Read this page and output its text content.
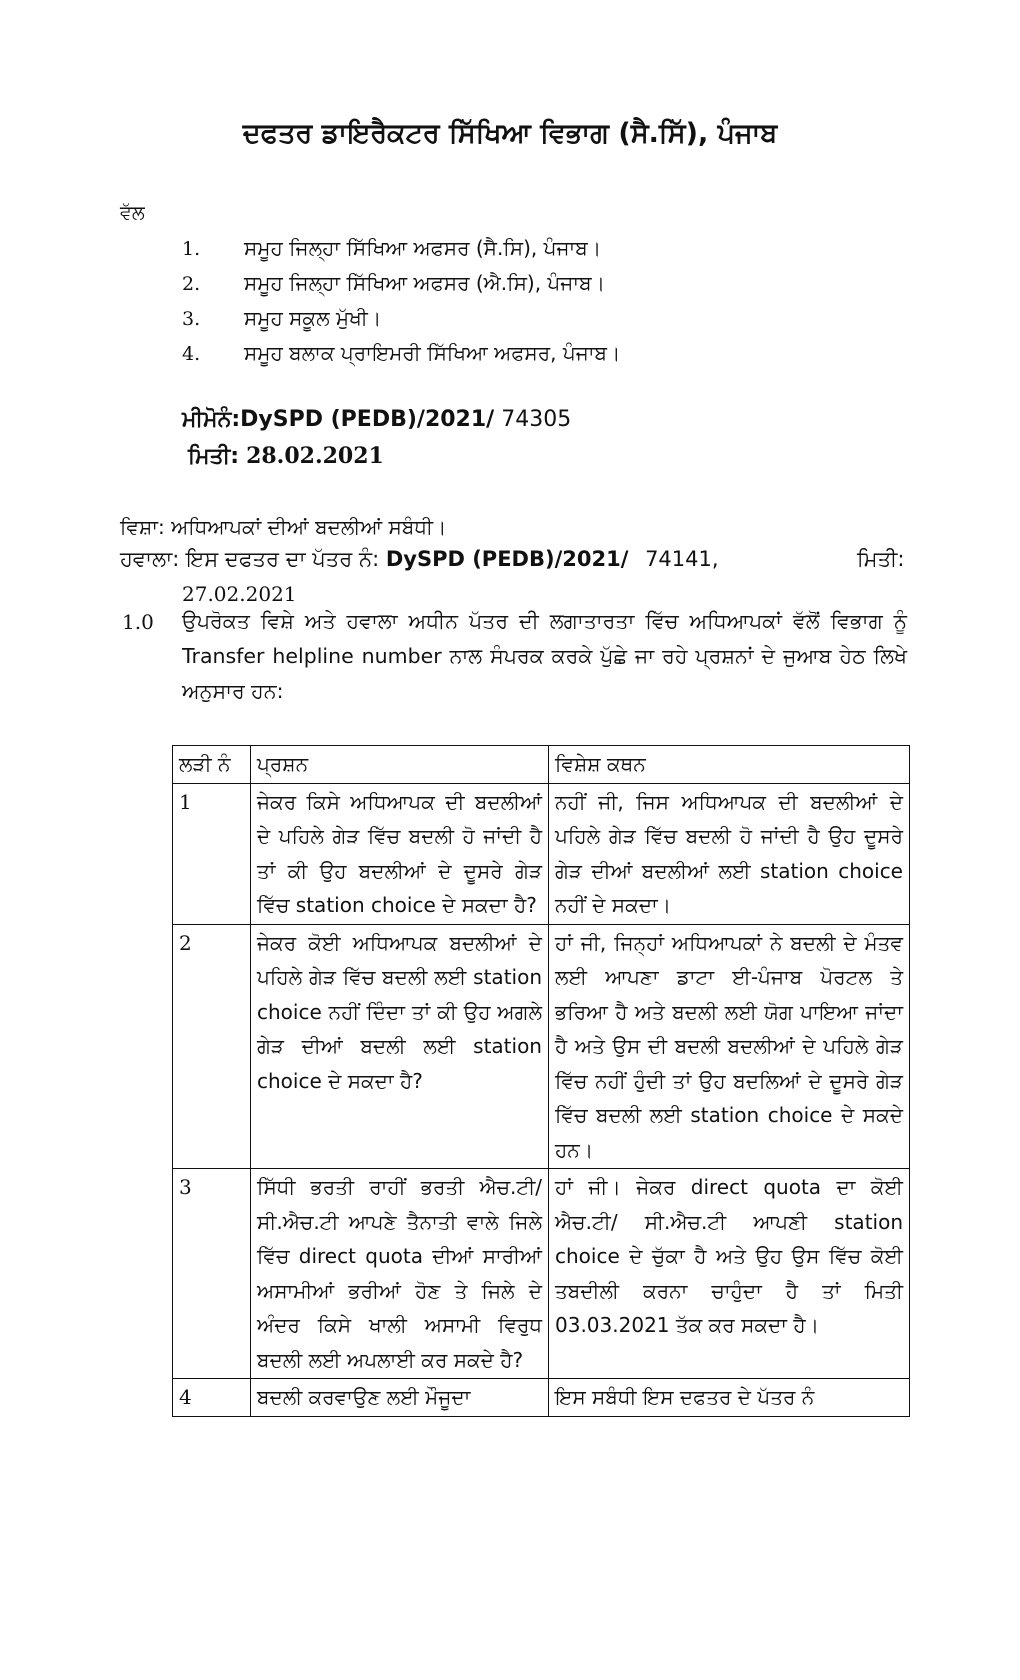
ਦਫਤਰ ਡਾਇਰੈਕਟਰ ਸਿੱਖਿਆ ਵਿਭਾਗ (ਸੈ.ਸਿੱ), ਪੰਜਾਬ
ਵੱਲ
1. ਸਮੂਹ ਜਿਲ੍ਹਾ ਸਿੱਖਿਆ ਅਫਸਰ (ਸੈ.ਸਿ), ਪੰਜਾਬ।
2. ਸਮੂਹ ਜਿਲ੍ਹਾ ਸਿੱਖਿਆ ਅਫਸਰ (ਐ.ਸਿ), ਪੰਜਾਬ।
3. ਸਮੂਹ ਸਕੂਲ ਮੁੱਖੀ।
4. ਸਮੂਹ ਬਲਾਕ ਪ੍ਰਾਇਮਰੀ ਸਿੱਖਿਆ ਅਫਸਰ, ਪੰਜਾਬ।
ਮੀਮੋਨੰ:DySPD (PEDB)/2021/ 74305
ਮਿਤੀ: 28.02.2021
ਵਿਸ਼ਾ: ਅਧਿਆਪਕਾਂ ਦੀਆਂ ਬਦਲੀਆਂ ਸਬੰਧੀ।
ਹਵਾਲਾ: ਇਸ ਦਫਤਰ ਦਾ ਪੱਤਰ ਨੰ: DySPD (PEDB)/2021/ 74141,	ਮਿਤੀ:
27.02.2021
1.0 ਉਪਰੋਕਤ ਵਿਸ਼ੇ ਅਤੇ ਹਵਾਲਾ ਅਧੀਨ ਪੱਤਰ ਦੀ ਲਗਾਤਾਰਤਾ ਵਿੱਚ ਅਧਿਆਪਕਾਂ ਵੱਲੋਂ ਵਿਭਾਗ ਨੂੰ Transfer helpline number ਨਾਲ ਸੰਪਰਕ ਕਰਕੇ ਪੁੱਛੇ ਜਾ ਰਹੇ ਪ੍ਰਸ਼ਨਾਂ ਦੇ ਜੁਆਬ ਹੇਠ ਲਿਖੇ ਅਨੁਸਾਰ ਹਨ:
ਲੜੀ ਨੰ	ਪ੍ਰਸ਼ਨ	ਵਿਸ਼ੇਸ਼ ਕਥਨ
1	ਜੇਕਰ ਕਿਸੇ ਅਧਿਆਪਕ ਦੀ ਬਦਲੀਆਂ ਦੇ ਪਹਿਲੇ ਗੇੜ ਵਿੱਚ ਬਦਲੀ ਹੋ ਜਾਂਦੀ ਹੈ ਤਾਂ ਕੀ ਉਹ ਬਦਲੀਆਂ ਦੇ ਦੂਸਰੇ ਗੇੜ ਵਿੱਚ station choice ਦੇ ਸਕਦਾ ਹੈ?	ਨਹੀਂ ਜੀ, ਜਿਸ ਅਧਿਆਪਕ ਦੀ ਬਦਲੀਆਂ ਦੇ ਪਹਿਲੇ ਗੇੜ ਵਿੱਚ ਬਦਲੀ ਹੋ ਜਾਂਦੀ ਹੈ ਉਹ ਦੂਸਰੇ ਗੇੜ ਦੀਆਂ ਬਦਲੀਆਂ ਲਈ station choice ਨਹੀਂ ਦੇ ਸਕਦਾ।
2	ਜੇਕਰ ਕੋਈ ਅਧਿਆਪਕ ਬਦਲੀਆਂ ਦੇ ਪਹਿਲੇ ਗੇੜ ਵਿੱਚ ਬਦਲੀ ਲਈ station choice ਨਹੀਂ ਦਿੰਦਾ ਤਾਂ ਕੀ ਉਹ ਅਗਲੇ ਗੇੜ ਦੀਆਂ ਬਦਲੀ ਲਈ station choice ਦੇ ਸਕਦਾ ਹੈ?	ਹਾਂ ਜੀ, ਜਿਨ੍ਹਾਂ ਅਧਿਆਪਕਾਂ ਨੇ ਬਦਲੀ ਦੇ ਮੰਤਵ ਲਈ ਆਪਣਾ ਡਾਟਾ ਈ-ਪੰਜਾਬ ਪੋਰਟਲ ਤੇ ਭਰਿਆ ਹੈ ਅਤੇ ਬਦਲੀ ਲਈ ਯੋਗ ਪਾਇਆ ਜਾਂਦਾ ਹੈ ਅਤੇ ਉਸ ਦੀ ਬਦਲੀ ਬਦਲੀਆਂ ਦੇ ਪਹਿਲੇ ਗੇੜ ਵਿੱਚ ਨਹੀਂ ਹੁੰਦੀ ਤਾਂ ਉਹ ਬਦਲਿਆਂ ਦੇ ਦੂਸਰੇ ਗੇੜ ਵਿੱਚ ਬਦਲੀ ਲਈ station choice ਦੇ ਸਕਦੇ ਹਨ।
3	ਸਿੱਧੀ ਭਰਤੀ ਰਾਹੀਂ ਭਰਤੀ ਐਚ.ਟੀ/ ਸੀ.ਐਚ.ਟੀ ਆਪਣੇ ਤੈਨਾਤੀ ਵਾਲੇ ਜਿਲੇ ਵਿੱਚ direct quota ਦੀਆਂ ਸਾਰੀਆਂ ਅਸਾਮੀਆਂ ਭਰੀਆਂ ਹੋਣ ਤੇ ਜਿਲੇ ਦੇ ਅੰਦਰ ਕਿਸੇ ਖਾਲੀ ਅਸਾਮੀ ਵਿਰੁਧ ਬਦਲੀ ਲਈ ਅਪਲਾਈ ਕਰ ਸਕਦੇ ਹੈ?	ਹਾਂ ਜੀ। ਜੇਕਰ direct quota ਦਾ ਕੋਈ ਐਚ.ਟੀ/ ਸੀ.ਐਚ.ਟੀ ਆਪਣੀ station choice ਦੇ ਚੁੱਕਾ ਹੈ ਅਤੇ ਉਹ ਉਸ ਵਿੱਚ ਕੋਈ ਤਬਦੀਲੀ ਕਰਨਾ ਚਾਹੁੰਦਾ ਹੈ ਤਾਂ ਮਿਤੀ 03.03.2021 ਤੱਕ ਕਰ ਸਕਦਾ ਹੈ।
4	ਬਦਲੀ ਕਰਵਾਉਣ ਲਈ ਮੌਜੂਦਾ	ਇਸ ਸਬੰਧੀ ਇਸ ਦਫਤਰ ਦੇ ਪੱਤਰ ਨੰ
